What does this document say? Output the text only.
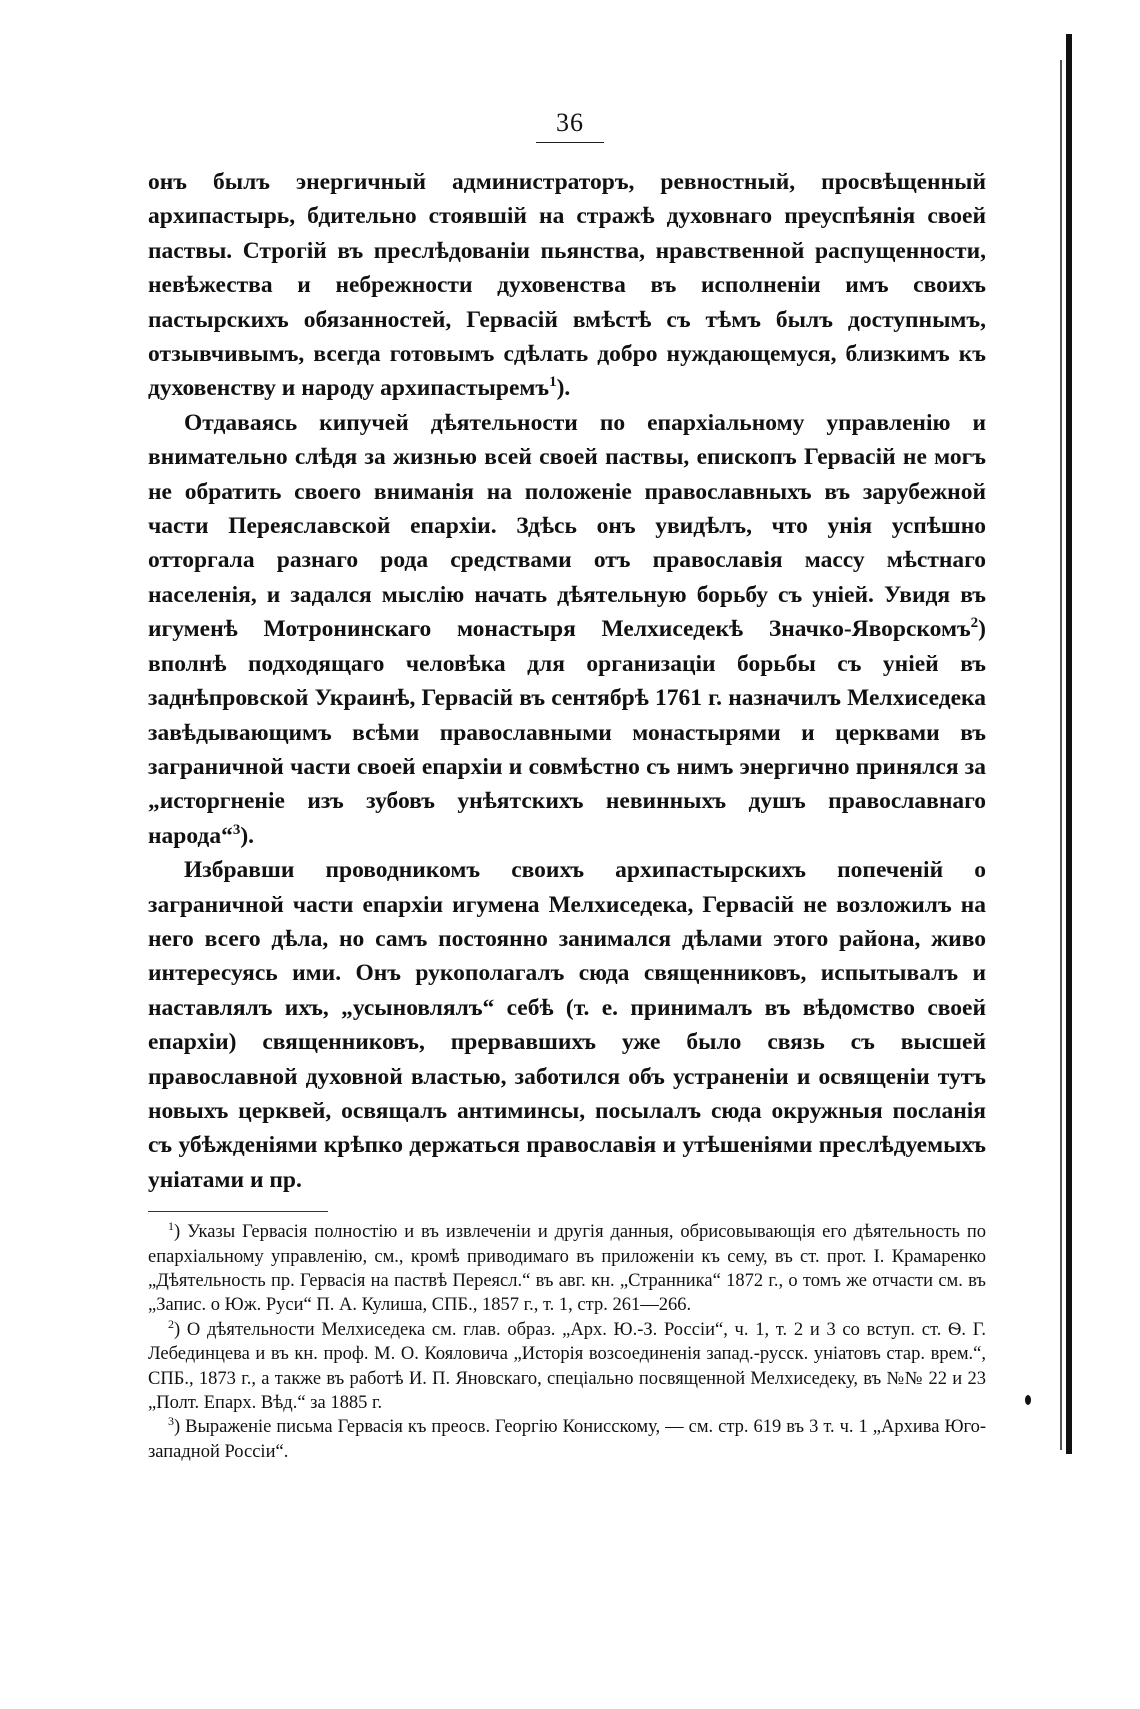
36

онъ былъ энергичный администраторъ, ревностный, просвѣщенный архипастырь, бдительно стоявшій на стражѣ духовнаго преуспѣянія своей паствы. Строгій въ преслѣдованіи пьянства, нравственной распущенности, невѣжества и небрежности духовенства въ исполненіи имъ своихъ пастырскихъ обязанностей, Гервасій вмѣстѣ съ тѣмъ былъ доступнымъ, отзывчивымъ, всегда готовымъ сдѣлать добро нуждающемуся, близкимъ къ духовенству и народу архипастыремъ$^1$).

Отдаваясь кипучей дѣятельности по епархіальному управленію и внимательно слѣдя за жизнью всей своей паствы, епископъ Гервасій не могъ не обратить своего вниманія на положеніе православныхъ въ зарубежной части Переяславской епархіи. Здѣсь онъ увидѣлъ, что унія успѣшно отторгала разнаго рода средствами отъ православія массу мѣстнаго населенія, и задался мыслію начать дѣятельную борьбу съ уніей. Увидя въ игуменѣ Мотронинскаго монастыря Мелхиседекѣ Значко-Яворскомъ$^2$) вполнѣ подходящаго человѣка для организаціи борьбы съ уніей въ заднѣпровской Украинѣ, Гервасій въ сентябрѣ 1761 г. назначилъ Мелхиседека завѣдывающимъ всѣми православными монастырями и церквами въ заграничной части своей епархіи и совмѣстно съ нимъ энергично принялся за „исторгненіе изъ зубовъ унѣятскихъ невинныхъ душъ православнаго народа“$^3$).

Избравши проводникомъ своихъ архипастырскихъ попеченій о заграничной части епархіи игумена Мелхиседека, Гервасій не возложилъ на него всего дѣла, но самъ постоянно занимался дѣлами этого района, живо интересуясь ими. Онъ рукополагалъ сюда священниковъ, испытывалъ и наставлялъ ихъ, „усыновлялъ“ себѣ (т. е. принималъ въ вѣдомство своей епархіи) священниковъ, прервавшихъ уже было связь съ высшей православной духовной властью, заботился объ устраненіи и освященіи тутъ новыхъ церквей, освящалъ антиминсы, посылалъ сюда окружныя посланія съ убѣжденіями крѣпко держаться православія и утѣшеніями преслѣдуемыхъ уніатами и пр.

$^1$) Указы Гервасія полностію и въ извлеченіи и другія данныя, обрисовывающія его дѣятельность по епархіальному управленію, см., кромѣ приводимаго въ приложеніи къ сему, въ ст. прот. І. Крамаренко „Дѣятельность пр. Гервасія на паствѣ Переясл.“ въ авг. кн. „Странника“ 1872 г., о томъ же отчасти см. въ „Запис. о Юж. Руси“ П. А. Кулиша, СПБ., 1857 г., т. 1, стр. 261—266.

$^2$) О дѣятельности Мелхиседека см. глав. образ. „Арх. Ю.-З. Россіи“, ч. 1, т. 2 и 3 со вступ. ст. Ѳ. Г. Лебединцева и въ кн. проф. М. О. Кояловича „Исторія возсоединенія запад.-русск. уніатовъ стар. врем.“, СПБ., 1873 г., а также въ работѣ И. П. Яновскаго, спеціально посвященной Мелхиседеку, въ №№ 22 и 23 „Полт. Епарх. Вѣд.“ за 1885 г.

$^3$) Выраженіе письма Гервасія къ преосв. Георгію Конисскому, — см. стр. 619 въ 3 т. ч. 1 „Архива Юго-западной Россіи“.
